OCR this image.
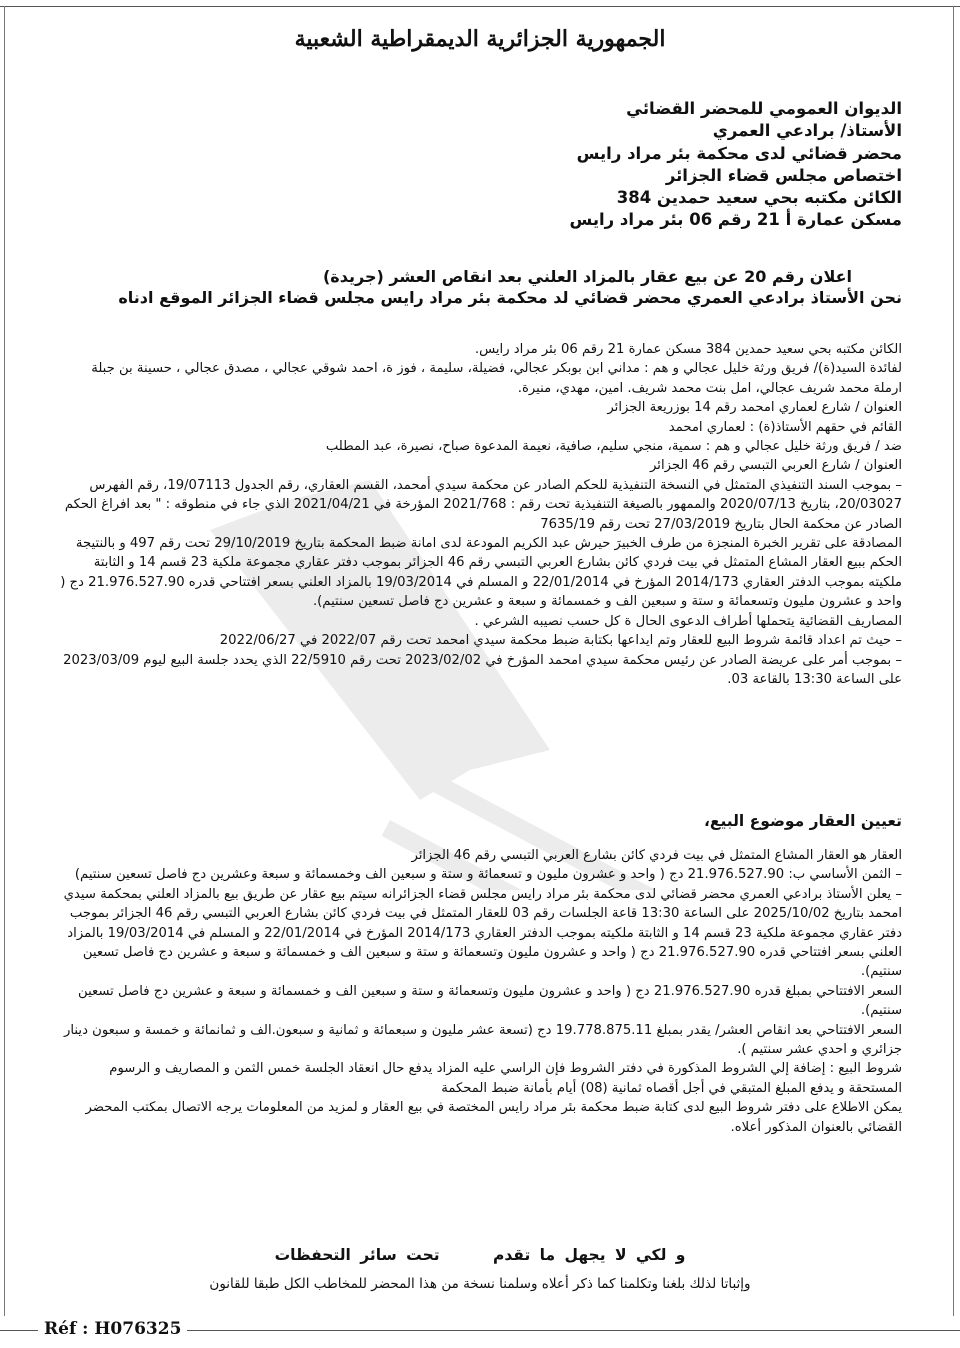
الجمهورية الجزائرية الديمقراطية الشعبية
الديوان العمومي للمحضر القضائي
الأستاذ/ برادعي العمري
محضر قضائي لدى محكمة بئر مراد رايس
اختصاص مجلس قضاء الجزائر
الكائن مكتبه بحي سعيد حمدين 384
مسكن عمارة أ 21 رقم 06 بئر مراد رايس
اعلان رقم 20 عن بيع عقار بالمزاد العلني بعد انقاص العشر (جريدة)
نحن الأستاذ برادعي العمري محضر قضائي لد محكمة بئر مراد رايس مجلس قضاء الجزائر الموقع ادناه

الكائن مكتبه بحي سعيد حمدين 384 مسكن عمارة 21 رقم 06 بئر مراد رايس.

لفائدة السيد(ة)/ فريق ورثة خليل عجالي و هم : مداني ابن بوبكر عجالي، فضيلة، سليمة ، فوز ة، احمد شوقي عجالي ، مصدق عجالي ، حسينة بن جبلة ارملة محمد شريف عجالي، امل بنت محمد شريف. امين، مهدي، منيرة.

العنوان / شارع لعماري امحمد رقم 14 بوزريعة الجزائر

القائم في حقهم الأستاذ(ة) : لعماري امحمد

ضد / فريق ورثة خليل عجالي و هم : سمية، منجي سليم، صافية، نعيمة المدعوة صباح، نصيرة، عبد المطلب

العنوان / شارع العربي التبسي رقم 46 الجزائر

– بموجب السند التنفيذي المتمثل في النسخة التنفيذية للحكم الصادر عن محكمة سيدي أمحمد، القسم العقاري، رقم الجدول 19/07113، رقم الفهرس 20/03027، بتاريخ 2020/07/13 والممهور بالصيغة التنفيذية تحت رقم : 2021/768 المؤرخة في 2021/04/21 الذي جاء في منطوقه : " بعد افراغ الحكم الصادر عن محكمة الحال بتاريخ 27/03/2019 تحت رقم 7635/19

المصادقة على تقرير الخبرة المنجزة من طرف الخبيرَ حيرش عبد الكريم المودعة لدى امانة ضبط المحكمة بتاريخ 29/10/2019 تحت رقم 497 و بالنتيجة الحكم ببيع العقار المشاع المتمثل في بيت فردي كائن بشارع العربي التبسي رقم 46 الجزائر بموجب دفتر عقاري مجموعة ملكية 23 قسم 14 و الثابتة ملكيته بموجب الدفتر العقاري 2014/173 المؤرخ في 22/01/2014 و المسلم في 19/03/2014 بالمزاد العلني بسعر افتتاحي قدره 21.976.527.90 دج ( واحد و عشرون مليون وتسعمائة و ستة و سبعين الف و خمسمائة و سبعة و عشرين دج فاصل تسعين سنتيم).

المصاريف القضائية يتحملها أطراف الدعوى الحال ة كل حسب نصيبه الشرعي .

– حيث تم اعداد قائمة شروط البيع للعقار وتم ايداعها بكتابة ضبط محكمة سيدي امحمد تحت رقم 2022/07 في 2022/06/27

– بموجب أمر على عريضة الصادر عن رئيس محكمة سيدي امحمد المؤرخ في 2023/02/02 تحت رقم 22/5910 الذي يحدد جلسة البيع ليوم 2023/03/09 على الساعة 13:30 بالقاعة 03.

تعيين العقار موضوع البيع،

العقار هو العقار المشاع المتمثل في بيت فردي كائن بشارع العربي التبسي رقم 46 الجزائر

– الثمن الأساسي ب: 21.976.527.90 دج ( واحد و عشرون مليون و تسعمائة و ستة و سبعين الف وخمسمائة و سبعة وعشرين دج فاصل تسعين سنتيم)

– يعلن الأستاذ برادعي العمري محضر قضائي لدى محكمة بئر مراد رايس مجلس قضاء الجزائرانه سيتم بيع عقار عن طريق بيع بالمزاد العلني بمحكمة سيدي امحمد بتاريخ 2025/10/02 على الساعة 13:30 قاعة الجلسات رقم 03 للعقار المتمثل في بيت فردي كائن بشارع العربي التبسي رقم 46 الجزائر بموجب دفتر عقاري مجموعة ملكية 23 قسم 14 و الثابتة ملكيته بموجب الدفتر العقاري 2014/173 المؤرخ في 22/01/2014 و المسلم في 19/03/2014 بالمزاد العلني بسعر افتتاحي قدره 21.976.527.90 دج ( واحد و عشرون مليون وتسعمائة و ستة و سبعين الف و خمسمائة و سبعة و عشرين دج فاصل تسعين سنتيم).

السعر الافتتاحي بمبلغ قدره 21.976.527.90 دج ( واحد و عشرون مليون وتسعمائة و ستة و سبعين الف و خمسمائة و سبعة و عشرين دج فاصل تسعين سنتيم).

السعر الافتتاحي بعد انقاص العشر/ يقدر بمبلغ 19.778.875.11 دج (تسعة عشر مليون و سبعمائة و ثمانية و سبعون.الف و ثمانمائة و خمسة و سبعون دينار جزائري و احدي عشر سنتيم ).

شروط البيع : إضافة إلي الشروط المذكورة في دفتر الشروط فإن الراسي عليه المزاد يدفع حال انعقاد الجلسة خمس الثمن و المصاريف و الرسوم المستحقة و يدفع المبلغ المتبقي في أجل أقصاه ثمانية (08) أيام بأمانة ضبط المحكمة

يمكن الاطلاع على دفتر شروط البيع لدى كتابة ضبط محكمة بئر مراد رايس المختصة في بيع العقار و لمزيد من المعلومات يرجه الاتصال بمكتب المحضر القضائي بالعنوان المذكور أعلاه.

و لكي لا يجهل ما تقدم تحت سائر التحفظات
وإثباتا لذلك بلغنا وتكلمنا كما ذكر أعلاه وسلمنا نسخة من هذا المحضر للمخاطب الكل طبقا للقانون
Réf : H076325
